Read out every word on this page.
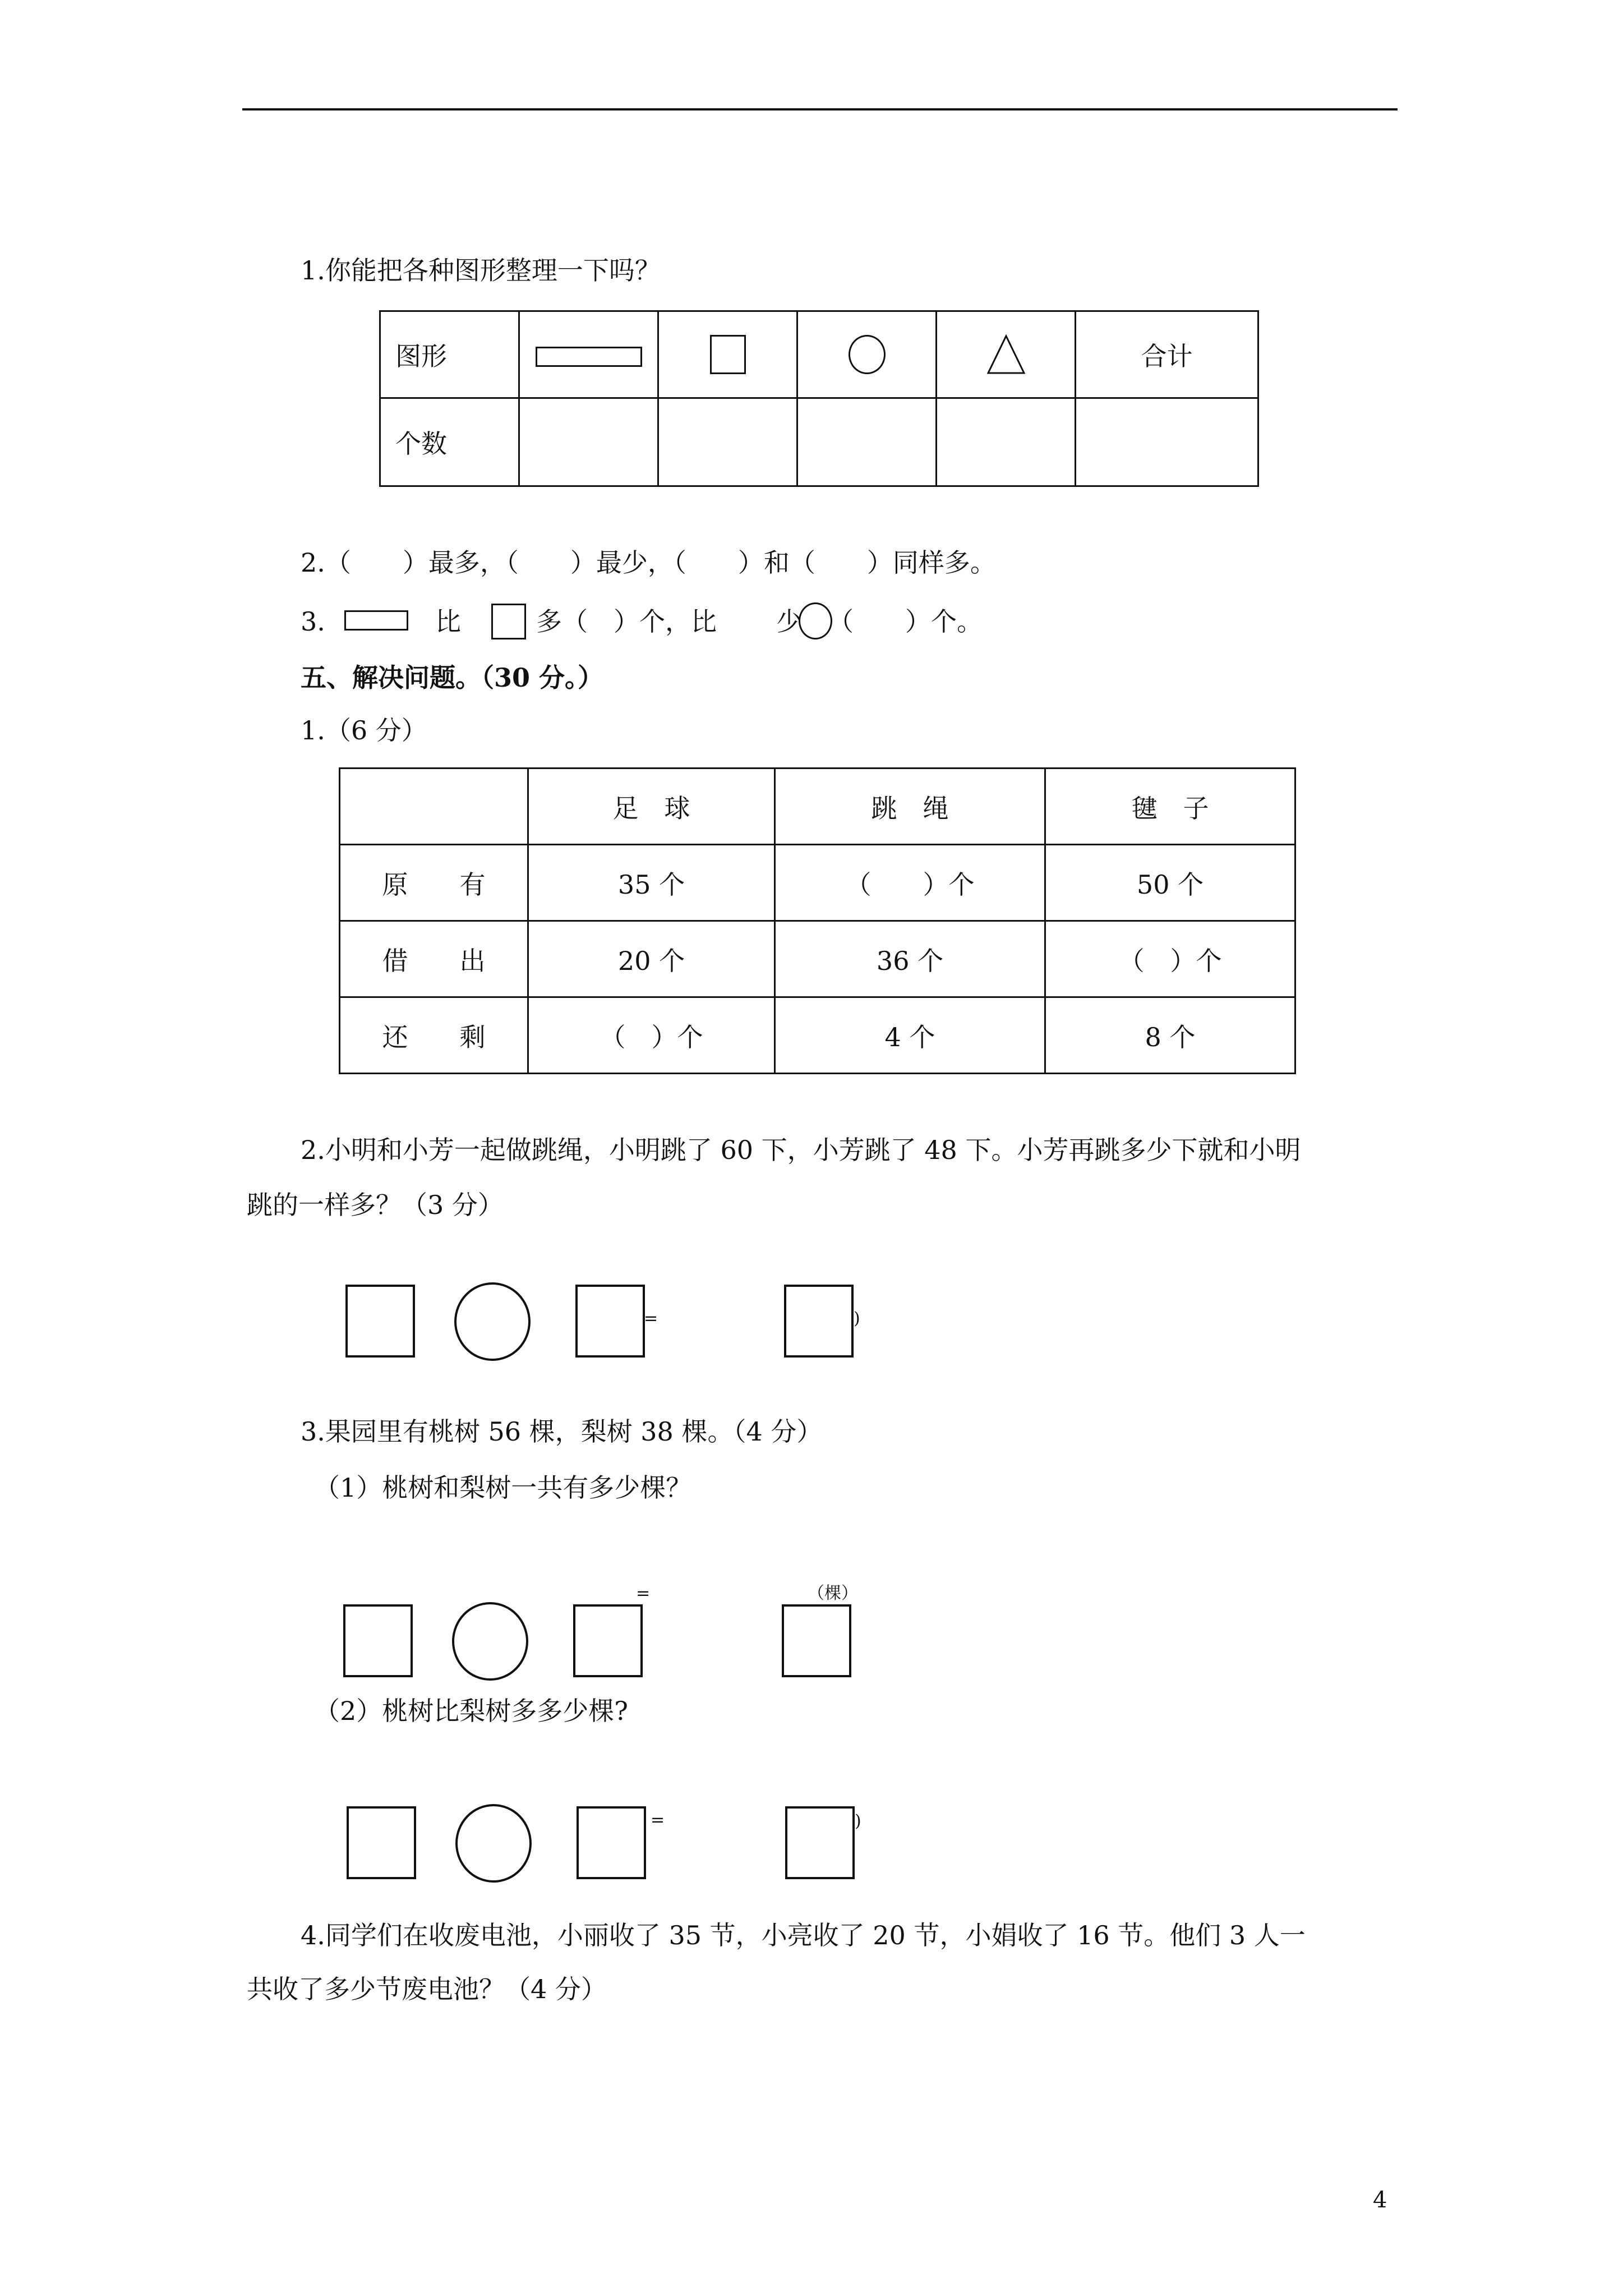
1.你能把各种图形整理一下吗？
图形					合计
个数					
2.（　　）最多，（　　）最少，（　　）和（　　）同样多。
3.	比	多（　）个，比 少 （　　）个。
五、解决问题。（30 分。）
1.（6 分）
	足　球	跳　绳	毽　子
原　　有	35 个	（　　）个	50 个
借　　出	20 个	36 个	（　）个
还　　剩	（　）个	4 个	8 个
2.小明和小芳一起做跳绳，小明跳了 60 下，小芳跳了 48 下。小芳再跳多少下就和小明
跳的一样多？（3 分）
=	)
3.果园里有桃树 56 棵，梨树 38 棵。（4 分）
（1）桃树和梨树一共有多少棵？
=	（棵）
（2）桃树比梨树多多少棵?
=	)
4.同学们在收废电池，小丽收了 35 节，小亮收了 20 节，小娟收了 16 节。他们 3 人一
共收了多少节废电池？（4 分）
4
